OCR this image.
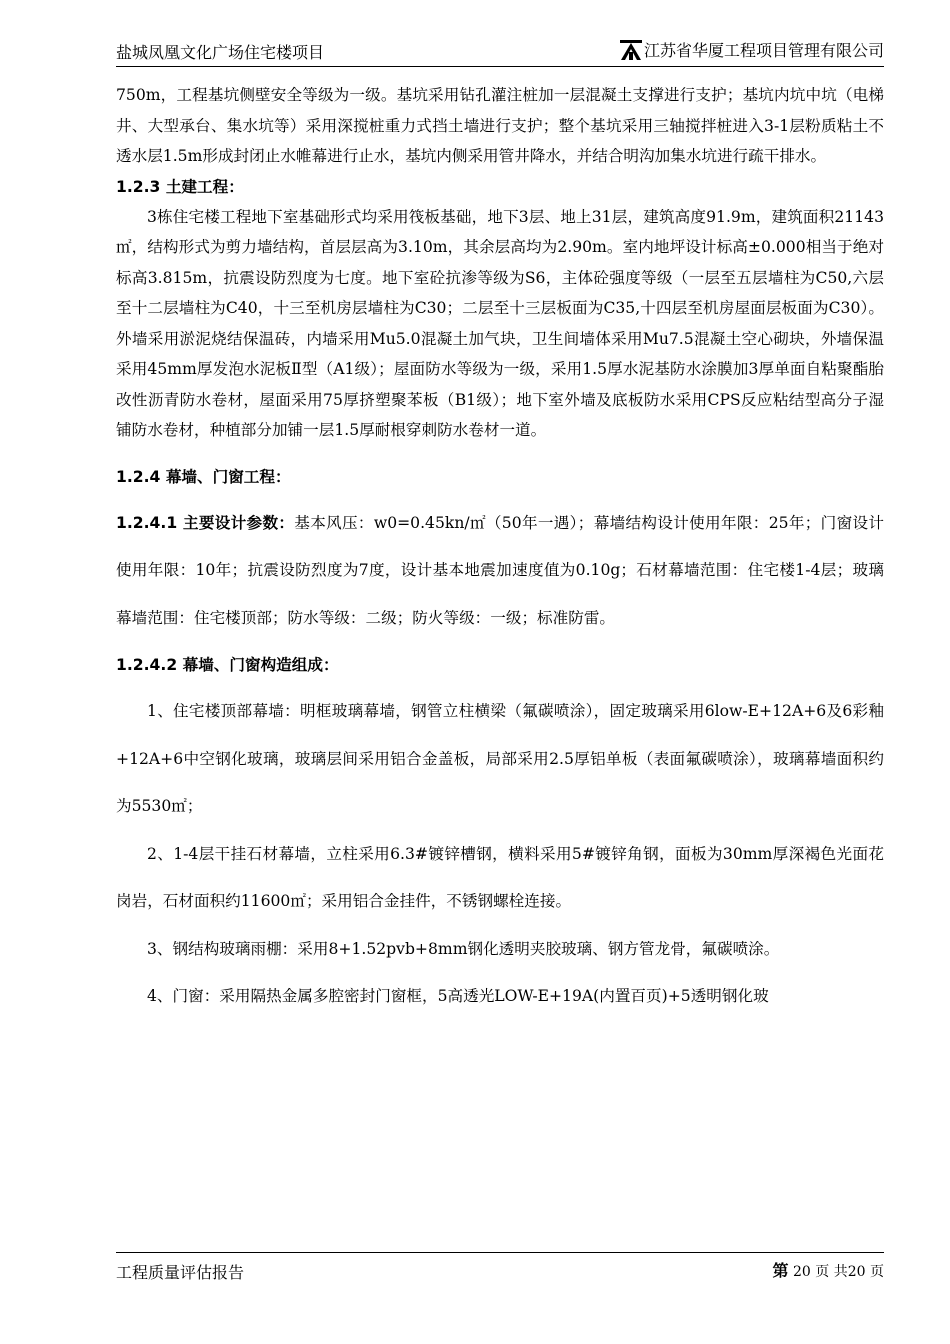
盐城凤凰文化广场住宅楼项目	江苏省华厦工程项目管理有限公司

750m，工程基坑侧壁安全等级为一级。基坑采用钻孔灌注桩加一层混凝土支撑进行支护；基坑内坑中坑（电梯井、大型承台、集水坑等）采用深搅桩重力式挡土墙进行支护；整个基坑采用三轴搅拌桩进入3-1层粉质粘土不透水层1.5m形成封闭止水帷幕进行止水，基坑内侧采用管井降水，并结合明沟加集水坑进行疏干排水。

1.2.3 土建工程：

3栋住宅楼工程地下室基础形式均采用筏板基础，地下3层、地上31层，建筑高度91.9m，建筑面积21143㎡，结构形式为剪力墙结构，首层层高为3.10m，其余层高均为2.90m。室内地坪设计标高±0.000相当于绝对标高3.815m，抗震设防烈度为七度。地下室砼抗渗等级为S6，主体砼强度等级（一层至五层墙柱为C50,六层至十二层墙柱为C40，十三至机房层墙柱为C30；二层至十三层板面为C35,十四层至机房屋面层板面为C30）。外墙采用淤泥烧结保温砖，内墙采用Mu5.0混凝土加气块，卫生间墙体采用Mu7.5混凝土空心砌块，外墙保温采用45mm厚发泡水泥板Ⅱ型（A1级）；屋面防水等级为一级，采用1.5厚水泥基防水涂膜加3厚单面自粘聚酯胎改性沥青防水卷材，屋面采用75厚挤塑聚苯板（B1级）；地下室外墙及底板防水采用CPS反应粘结型高分子湿铺防水卷材，种植部分加铺一层1.5厚耐根穿刺防水卷材一道。

1.2.4 幕墙、门窗工程：

1.2.4.1 主要设计参数：基本风压：w0=0.45kn/㎡（50年一遇）；幕墙结构设计使用年限：25年；门窗设计使用年限：10年；抗震设防烈度为7度，设计基本地震加速度值为0.10g；石材幕墙范围：住宅楼1-4层；玻璃幕墙范围：住宅楼顶部；防水等级：二级；防火等级：一级；标准防雷。

1.2.4.2 幕墙、门窗构造组成：

1、住宅楼顶部幕墙：明框玻璃幕墙，钢管立柱横梁（氟碳喷涂），固定玻璃采用6low-E+12A+6及6彩釉+12A+6中空钢化玻璃，玻璃层间采用铝合金盖板，局部采用2.5厚铝单板（表面氟碳喷涂），玻璃幕墙面积约为5530㎡；

2、1-4层干挂石材幕墙，立柱采用6.3#镀锌槽钢，横料采用5#镀锌角钢，面板为30mm厚深褐色光面花岗岩，石材面积约11600㎡；采用铝合金挂件，不锈钢螺栓连接。

3、钢结构玻璃雨棚：采用8+1.52pvb+8mm钢化透明夹胶玻璃、钢方管龙骨，氟碳喷涂。

4、门窗：采用隔热金属多腔密封门窗框，5高透光LOW-E+19A(内置百页)+5透明钢化玻

工程质量评估报告	第 20 页 共20 页
